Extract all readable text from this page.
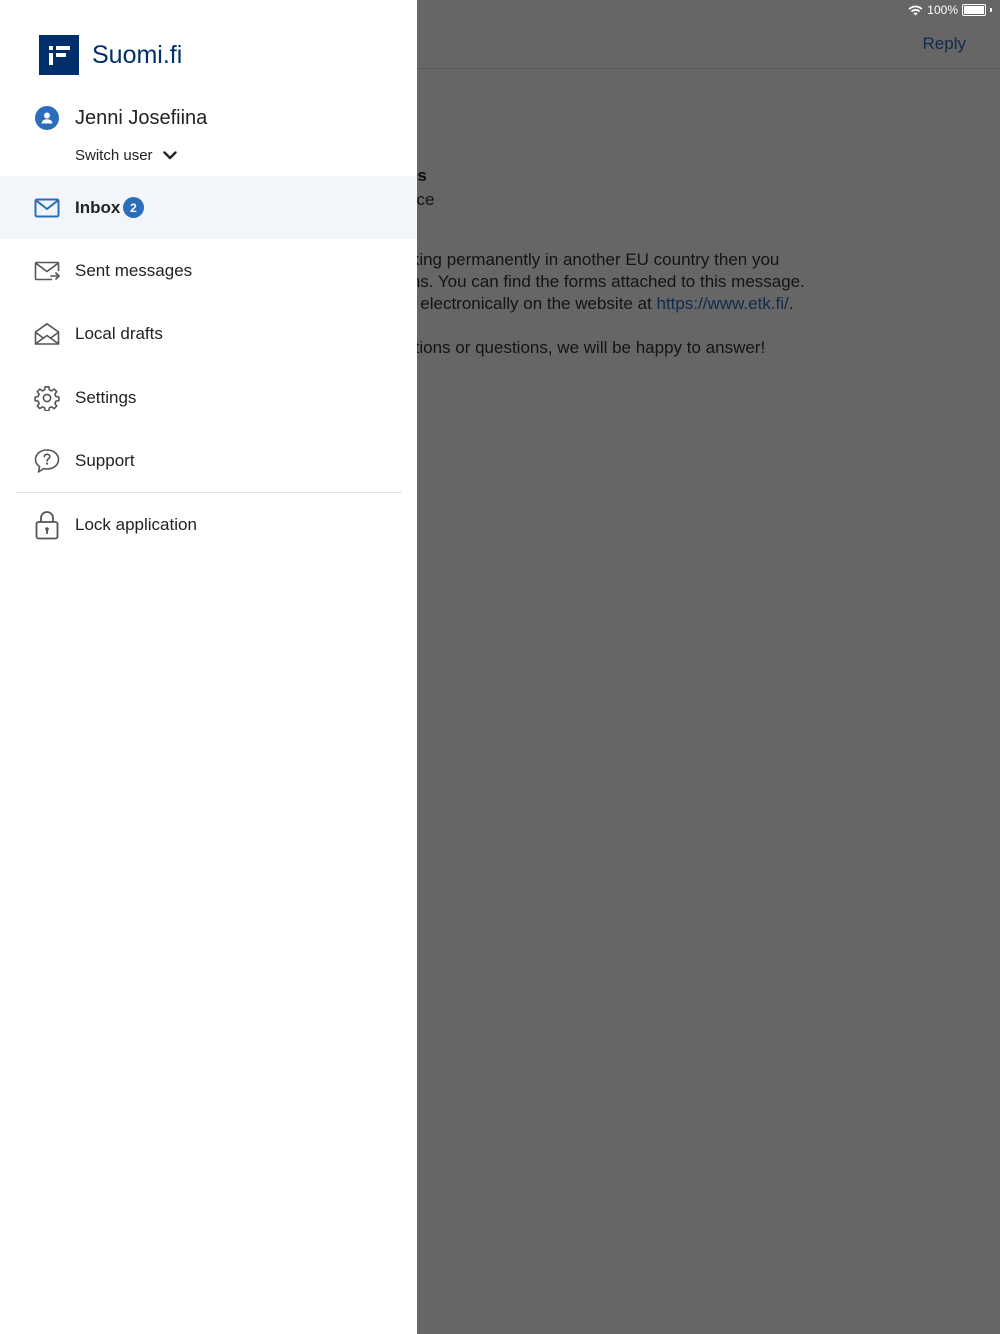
100%
Suomi.fi
Jenni Josefiina
Switch user
Inbox 2
Sent messages
Local drafts
Settings
Support
Lock application
